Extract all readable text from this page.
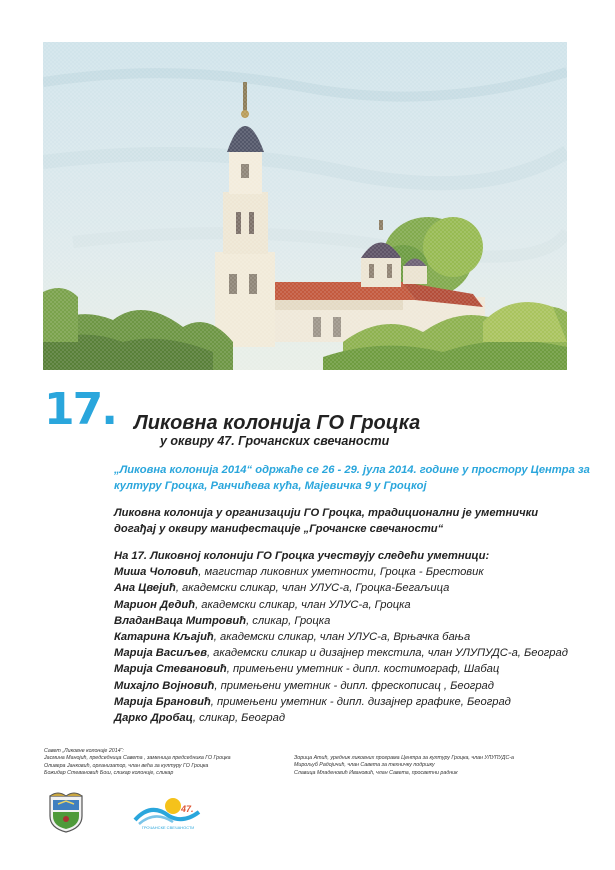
17. Ликовна колонија ГО Гроцка
у оквиру 47. Грочанских свечаности
„Ликовна колонија 2014“ одржаће се 26 - 29. јула 2014. године у простору Центра за
културу Гроцка, Ранчићева кућа, Мајевичка 9 у Гроцкој
Ликовна колонија у организацији ГО Гроцка, традиционални је уметнички
догађај у оквиру манифестације „Грочанске свечаности“
На 17. Ликовној колонији ГО Гроцка учествују следећи уметници:
Миша Чоловић, магистар ликовних уметности, Гроцка - Брестовик
Ана Цвејић, академски сликар, члан УЛУС-а, Гроцка-Бегаљица
Марион Дедић, академски сликар, члан УЛУС-а, Гроцка
ВладанВаца Митровић, сликар, Гроцка
Катарина Кљајић, академски сликар, члан УЛУС-а, Врњачка бања
Марија Васиљев, академски сликар и дизајнер текстила, члан УЛУПУДС-а, Београд
Марија Стевановић, примењени уметник - дипл. костимограф, Шабац
Михајло Војновић, примењени уметник - дипл. фрескописац , Београд
Марија Брановић, примењени уметник - дипл. дизајнер графике, Београд
Дарко Дробац, сликар, Београд
Савет „Ликовне колоније 2014“:
Јасмина Манојић, председница Савета , заменица председника ГО Гроцка
Оливера Јанковић, организатор, члан већа за културу ГО Гроцка
Божидар Стевановић Бош, сликар колоније, сликар
Зорица Атић, уредник ликовних програма Центра за културу Гроцка, члан УЛУПУДС-а
Мирољуб Радојичић, члан Савета за техничку подршку
Славица Младеновић Ивановић, члан Савета, просветни радник
47.
ГРОЧАНСКЕ СВЕЧАНОСТИ
